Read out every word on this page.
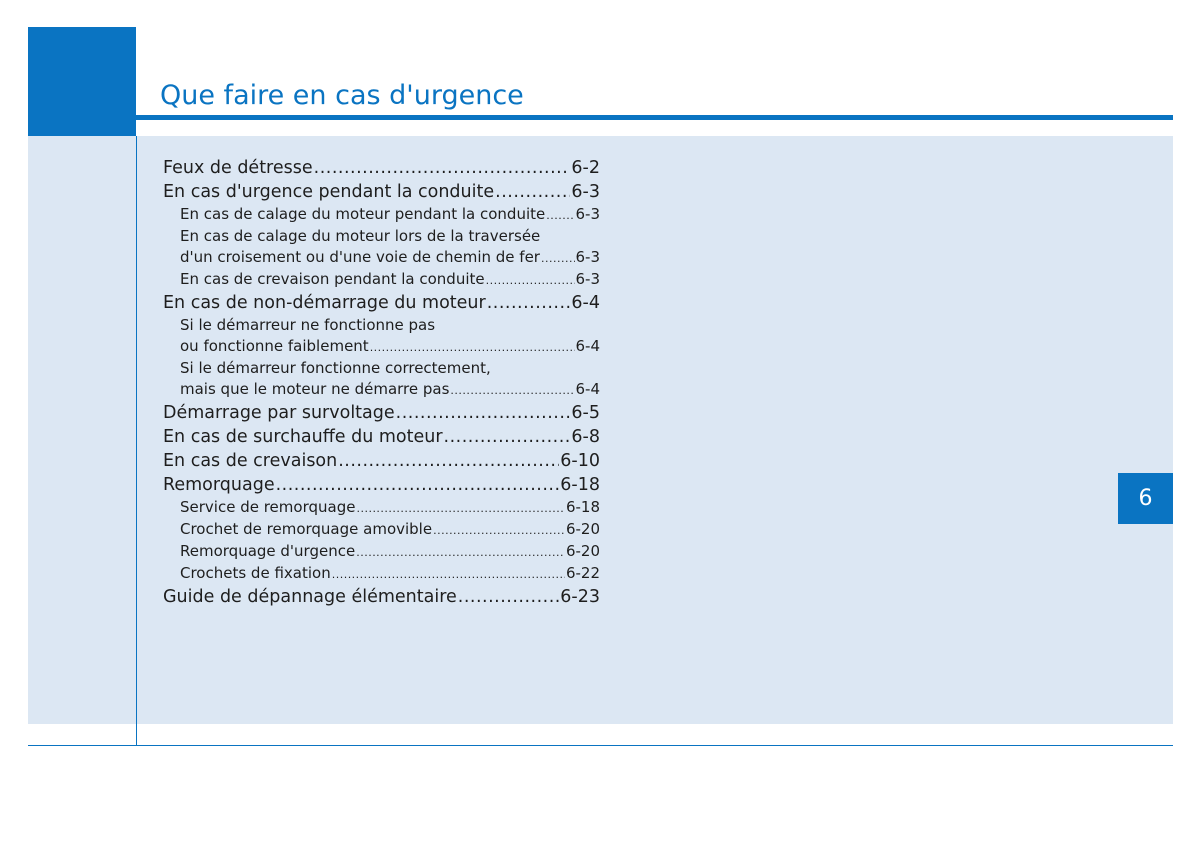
Que faire en cas d'urgence
6
Feux de détresse .....	6-2
En cas d'urgence pendant la conduite .....	6-3
En cas de calage du moteur pendant la conduite ..... 6-3
En cas de calage du moteur lors de la traversée
d'un croisement ou d'une voie de chemin de fer ..... 6-3
En cas de crevaison pendant la conduite .....	6-3
En cas de non-démarrage du moteur .....	6-4
Si le démarreur ne fonctionne pas
ou fonctionne faiblement .....	6-4
Si le démarreur fonctionne correctement,
mais que le moteur ne démarre pas .....	6-4
Démarrage par survoltage .....	6-5
En cas de surchauffe du moteur .....	6-8
En cas de crevaison .....	6-10
Remorquage .....	6-18
Service de remorquage .....	6-18
Crochet de remorquage amovible .....	6-20
Remorquage d'urgence .....	6-20
Crochets de fixation .....	6-22
Guide de dépannage élémentaire .....	6-23
